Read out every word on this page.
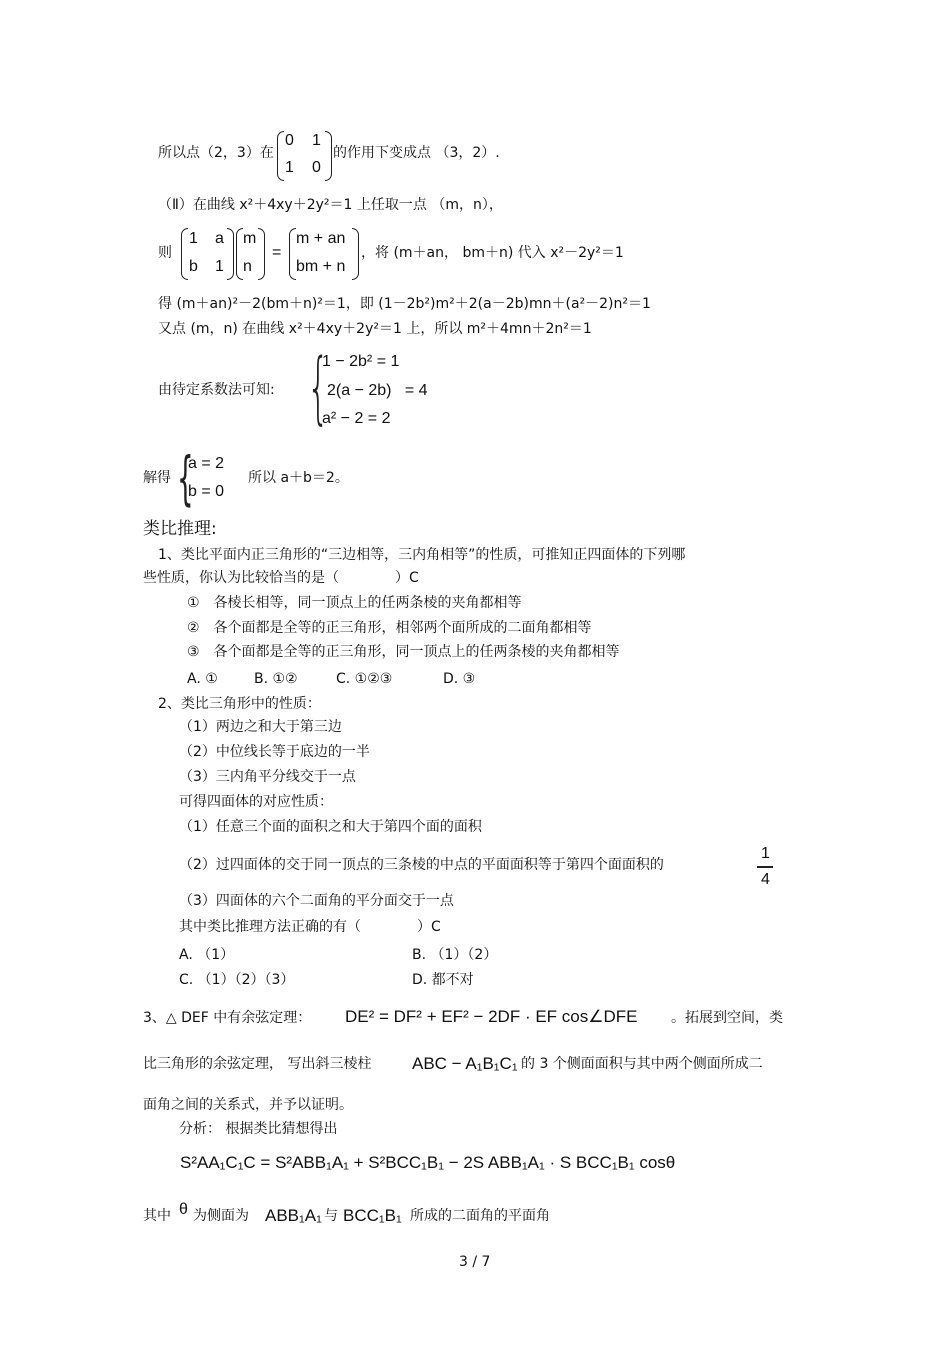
所以点（2，3）在
0 1
1 0
的作用下变成点 （3，2）.
（Ⅱ）在曲线 x²＋4xy＋2y²＝1 上任取一点 （m，n），
则
1 a
b 1
m
n
=
m + an
bm + n
，将 (m＋an， bm＋n) 代入 x²－2y²＝1
得 (m＋an)²－2(bm＋n)²＝1，即 (1－2b²)m²＋2(a－2b)mn＋(a²－2)n²＝1
又点 (m，n) 在曲线 x²＋4xy＋2y²＝1 上，所以 m²＋4mn＋2n²＝1
由待定系数法可知: {
1 − 2b² = 1
2(a − 2b)   = 4
a² − 2 = 2
解得 {
a = 2
b = 0
所以 a＋b＝2。
类比推理:
1、类比平面内正三角形的“三边相等，三内角相等”的性质，可推知正四面体的下列哪
些性质，你认为比较恰当的是（　　　　）C
①　各棱长相等，同一顶点上的任两条棱的夹角都相等
②　各个面都是全等的正三角形，相邻两个面所成的二面角都相等
③　各个面都是全等的正三角形，同一顶点上的任两条棱的夹角都相等
A. ①	B. ①②	C. ①②③	D. ③
2、类比三角形中的性质：
（1）两边之和大于第三边
（2）中位线长等于底边的一半
（3）三内角平分线交于一点
可得四面体的对应性质：
（1）任意三个面的面积之和大于第四个面的面积
（2）过四面体的交于同一顶点的三条棱的中点的平面面积等于第四个面面积的
1
4
（3）四面体的六个二面角的平分面交于一点
其中类比推理方法正确的有（　　　　）C
A. （1）	B. （1）（2）
C. （1）（2）（3）	D. 都不对
3、△ DEF 中有余弦定理： DE² = DF² + EF² − 2DF · EF cos∠DFE 。拓展到空间，类
比三角形的余弦定理， 写出斜三棱柱 ABC − A₁B₁C₁ 的 3 个侧面面积与其中两个侧面所成二
面角之间的关系式，并予以证明。
分析： 根据类比猜想得出
S²AA₁C₁C = S²ABB₁A₁ + S²BCC₁B₁ − 2S ABB₁A₁ · S BCC₁B₁ cosθ
其中 θ 为侧面为 ABB₁A₁ 与 BCC₁B₁ 所成的二面角的平面角
3 / 7
